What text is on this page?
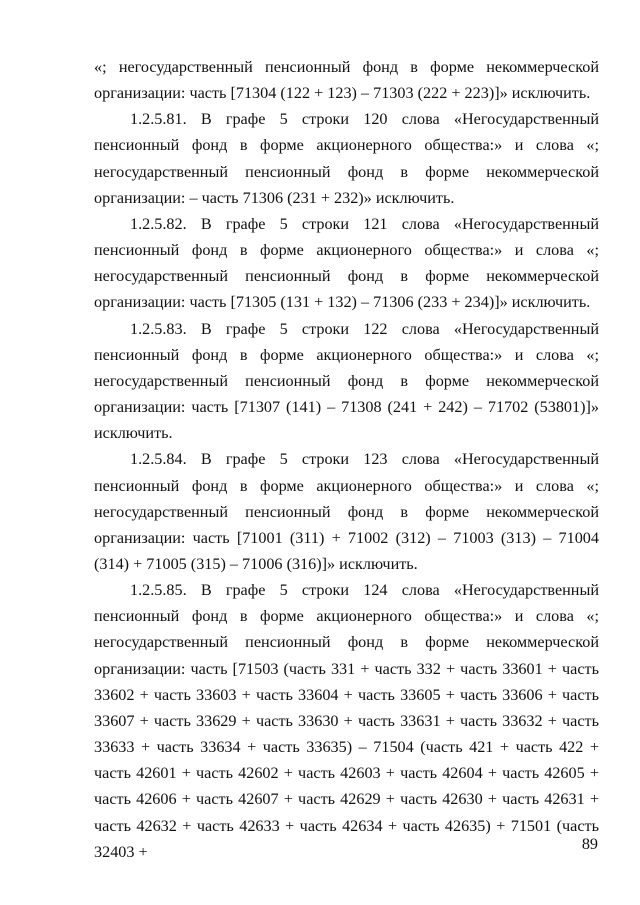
«; негосударственный пенсионный фонд в форме некоммерческой организации: часть [71304 (122 + 123) – 71303 (222 + 223)]» исключить.

1.2.5.81. В графе 5 строки 120 слова «Негосударственный пенсионный фонд в форме акционерного общества:» и слова «; негосударственный пенсионный фонд в форме некоммерческой организации: – часть 71306 (231 + 232)» исключить.

1.2.5.82. В графе 5 строки 121 слова «Негосударственный пенсионный фонд в форме акционерного общества:» и слова «; негосударственный пенсионный фонд в форме некоммерческой организации: часть [71305 (131 + 132) – 71306 (233 + 234)]» исключить.

1.2.5.83. В графе 5 строки 122 слова «Негосударственный пенсионный фонд в форме акционерного общества:» и слова «; негосударственный пенсионный фонд в форме некоммерческой организации: часть [71307 (141) – 71308 (241 + 242) – 71702 (53801)]» исключить.

1.2.5.84. В графе 5 строки 123 слова «Негосударственный пенсионный фонд в форме акционерного общества:» и слова «; негосударственный пенсионный фонд в форме некоммерческой организации: часть [71001 (311) + 71002 (312) – 71003 (313) – 71004 (314) + 71005 (315) – 71006 (316)]» исключить.

1.2.5.85. В графе 5 строки 124 слова «Негосударственный пенсионный фонд в форме акционерного общества:» и слова «; негосударственный пенсионный фонд в форме некоммерческой организации: часть [71503 (часть 331 + часть 332 + часть 33601 + часть 33602 + часть 33603 + часть 33604 + часть 33605 + часть 33606 + часть 33607 + часть 33629 + часть 33630 + часть 33631 + часть 33632 + часть 33633 + часть 33634 + часть 33635) – 71504 (часть 421 + часть 422 + часть 42601 + часть 42602 + часть 42603 + часть 42604 + часть 42605 + часть 42606 + часть 42607 + часть 42629 + часть 42630 + часть 42631 + часть 42632 + часть 42633 + часть 42634 + часть 42635) + 71501 (часть 32403 +	89
